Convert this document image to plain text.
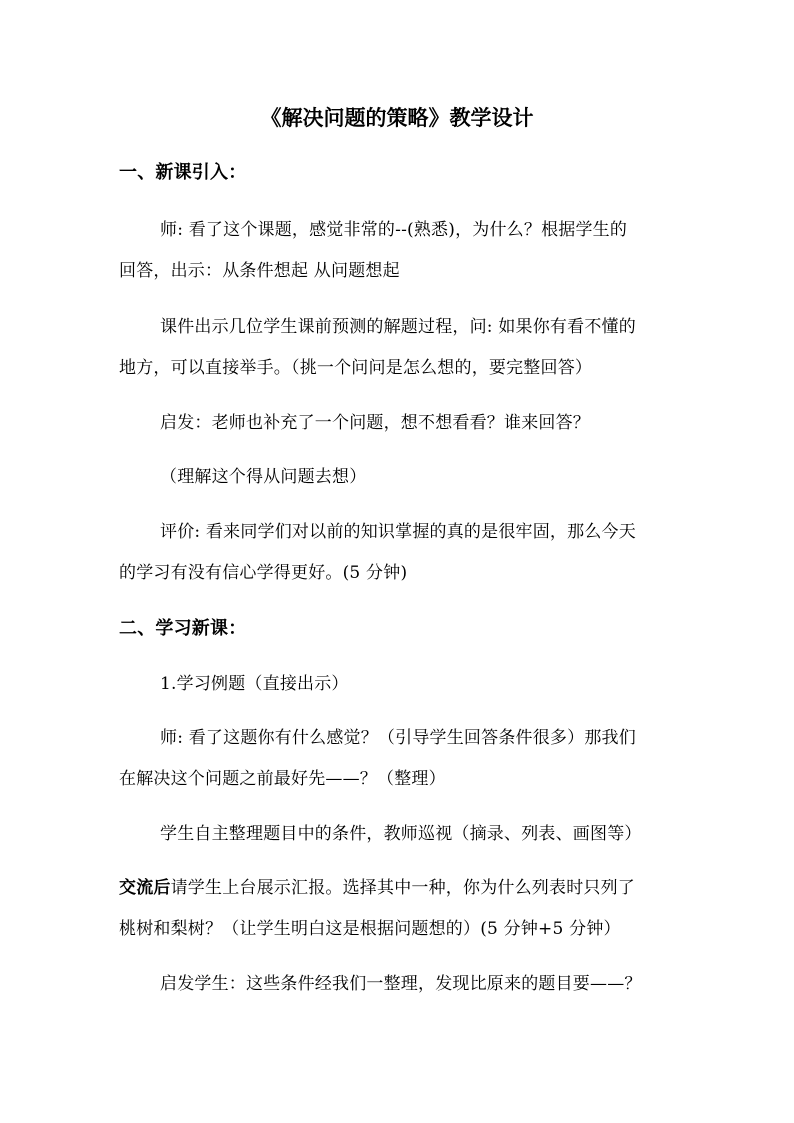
《解决问题的策略》教学设计
一、新课引入：
师: 看了这个课题，感觉非常的--(熟悉)，为什么？根据学生的
回答，出示：从条件想起 从问题想起
课件出示几位学生课前预测的解题过程，问: 如果你有看不懂的
地方，可以直接举手。（挑一个问问是怎么想的，要完整回答）
启发：老师也补充了一个问题，想不想看看？谁来回答？
（理解这个得从问题去想）
评价: 看来同学们对以前的知识掌握的真的是很牢固，那么今天
的学习有没有信心学得更好。(5 分钟)
二、学习新课：
1.学习例题（直接出示）
师: 看了这题你有什么感觉？（引导学生回答条件很多）那我们
在解决这个问题之前最好先——？（整理）
学生自主整理题目中的条件，教师巡视（摘录、列表、画图等）
交流后请学生上台展示汇报。选择其中一种，你为什么列表时只列了
桃树和梨树？（让学生明白这是根据问题想的）(5 分钟+5 分钟）
启发学生：这些条件经我们一整理，发现比原来的题目要——？
